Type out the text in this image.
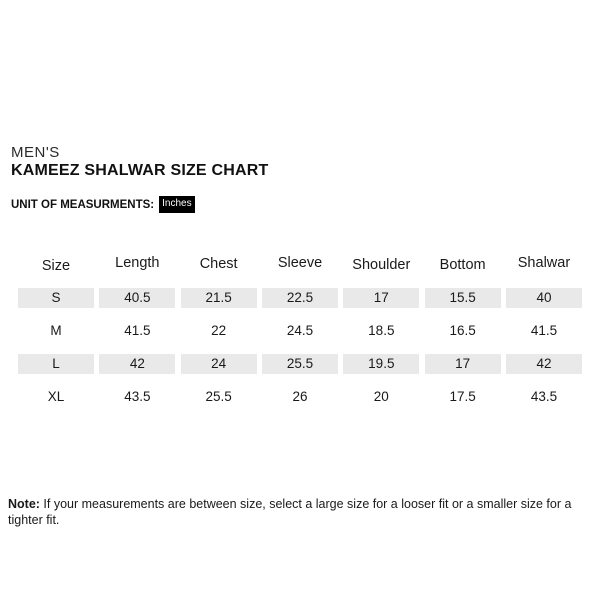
MEN'S
KAMEEZ SHALWAR SIZE CHART
UNIT OF MEASURMENTS: Inches
Size	Length	Chest	Sleeve	Shoulder	Bottom	Shalwar
S	40.5	21.5	22.5	17	15.5	40
M	41.5	22	24.5	18.5	16.5	41.5
L	42	24	25.5	19.5	17	42
XL	43.5	25.5	26	20	17.5	43.5
Note: If your measurements are between size, select a large size for a looser fit or a smaller size for a tighter fit.
